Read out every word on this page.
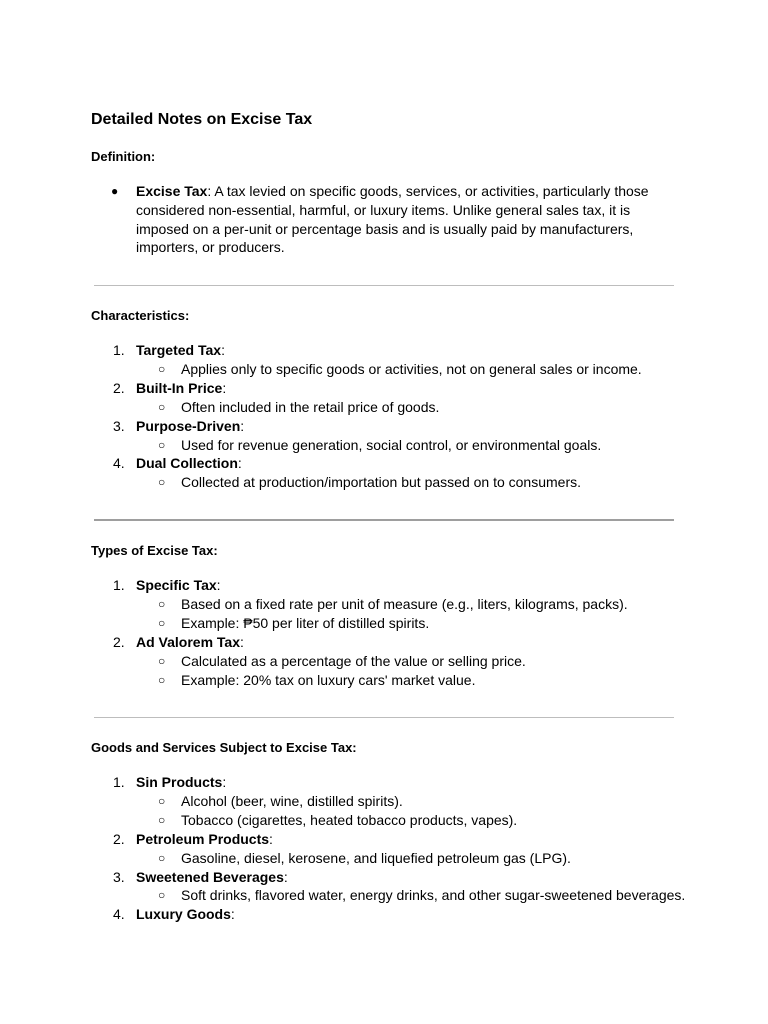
Detailed Notes on Excise Tax
Definition:
● Excise Tax: A tax levied on specific goods, services, or activities, particularly those
considered non-essential, harmful, or luxury items. Unlike general sales tax, it is
imposed on a per-unit or percentage basis and is usually paid by manufacturers,
importers, or producers.
Characteristics:
1. Targeted Tax:
○ Applies only to specific goods or activities, not on general sales or income.
2. Built-In Price:
○ Often included in the retail price of goods.
3. Purpose-Driven:
○ Used for revenue generation, social control, or environmental goals.
4. Dual Collection:
○ Collected at production/importation but passed on to consumers.
Types of Excise Tax:
1. Specific Tax:
○ Based on a fixed rate per unit of measure (e.g., liters, kilograms, packs).
○ Example: ₱50 per liter of distilled spirits.
2. Ad Valorem Tax:
○ Calculated as a percentage of the value or selling price.
○ Example: 20% tax on luxury cars' market value.
Goods and Services Subject to Excise Tax:
1. Sin Products:
○ Alcohol (beer, wine, distilled spirits).
○ Tobacco (cigarettes, heated tobacco products, vapes).
2. Petroleum Products:
○ Gasoline, diesel, kerosene, and liquefied petroleum gas (LPG).
3. Sweetened Beverages:
○ Soft drinks, flavored water, energy drinks, and other sugar-sweetened beverages.
4. Luxury Goods:
